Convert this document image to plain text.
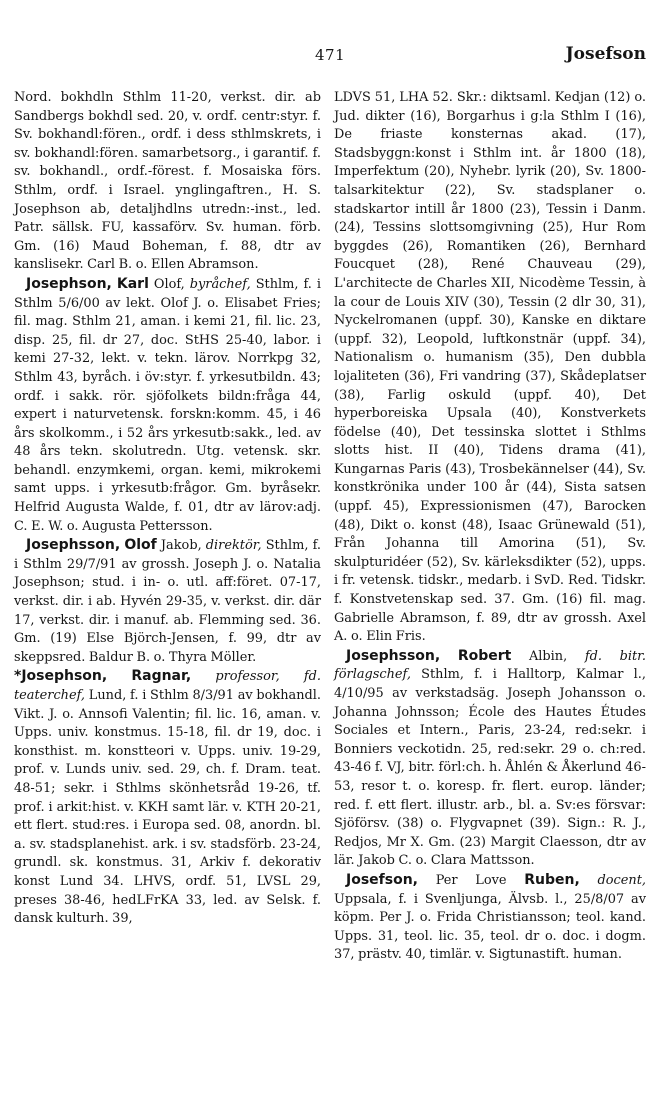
471	Josefson

Nord. bokhdln Sthlm 11-20, verkst. dir. ab Sandbergs bokhdl sed. 20, v. ordf. centr:styr. f. Sv. bokhandl:fören., ordf. i dess sthlmskrets, i sv. bokhandl:fören. samarbetsorg., i garantif. f. sv. bokhandl., ordf.-förest. f. Mosaiska förs. Sthlm, ordf. i Israel. ynglingaftren., H. S. Josephson ab, detaljhdlns utredn:-inst., led. Patr. sällsk. FU, kassaförv. Sv. human. förb. Gm. (16) Maud Boheman, f. 88, dtr av kanslisekr. Carl B. o. Ellen Abramson.

Josephson, Karl Olof, byråchef, Sthlm, f. i Sthlm 5/6/00 av lekt. Olof J. o. Elisabet Fries; fil. mag. Sthlm 21, aman. i kemi 21, fil. lic. 23, disp. 25, fil. dr 27, doc. StHS 25-40, labor. i kemi 27-32, lekt. v. tekn. lärov. Norrkpg 32, Sthlm 43, byråch. i öv:styr. f. yrkesutbildn. 43; ordf. i sakk. rör. sjöfolkets bildn:fråga 44, expert i naturvetensk. forskn:komm. 45, i 46 års skolkomm., i 52 års yrkesutb:sakk., led. av 48 års tekn. skolutredn. Utg. vetensk. skr. behandl. enzymkemi, organ. kemi, mikrokemi samt upps. i yrkesutb:frågor. Gm. byråsekr. Helfrid Augusta Walde, f. 01, dtr av lärov:adj. C. E. W. o. Augusta Pettersson.

Josephsson, Olof Jakob, direktör, Sthlm, f. i Sthlm 29/7/91 av grossh. Joseph J. o. Natalia Josephson; stud. i in- o. utl. aff:föret. 07-17, verkst. dir. i ab. Hyvén 29-35, v. verkst. dir. där 17, verkst. dir. i manuf. ab. Flemming sed. 36. Gm. (19) Else Björch-Jensen, f. 99, dtr av skeppsred. Baldur B. o. Thyra Möller.

*Josephson, Ragnar, professor, fd. teaterchef, Lund, f. i Sthlm 8/3/91 av bokhandl. Vikt. J. o. Annsofi Valentin; fil. lic. 16, aman. v. Upps. univ. konstmus. 15-18, fil. dr 19, doc. i konsthist. m. konstteori v. Upps. univ. 19-29, prof. v. Lunds univ. sed. 29, ch. f. Dram. teat. 48-51; sekr. i Sthlms skönhetsråd 19-26, tf. prof. i arkit:hist. v. KKH samt lär. v. KTH 20-21, ett flert. stud:res. i Europa sed. 08, anordn. bl. a. sv. stadsplanehist. ark. i sv. stadsförb. 23-24, grundl. sk. konstmus. 31, Arkiv f. dekorativ konst Lund 34. LHVS, ordf. 51, LVSL 29, preses 38-46, hedLFrKA 33, led. av Selsk. f. dansk kulturh. 39,

LDVS 51, LHA 52. Skr.: diktsaml. Kedjan (12) o. Jud. dikter (16), Borgarhus i g:la Sthlm I (16), De friaste konsternas akad. (17), Stadsbyggn:konst i Sthlm int. år 1800 (18), Imperfektum (20), Nyhebr. lyrik (20), Sv. 1800-talsarkitektur (22), Sv. stadsplaner o. stadskartor intill år 1800 (23), Tessin i Danm. (24), Tessins slottsomgivning (25), Hur Rom byggdes (26), Romantiken (26), Bernhard Foucquet (28), René Chauveau (29), L'architecte de Charles XII, Nicodème Tessin, à la cour de Louis XIV (30), Tessin (2 dlr 30, 31), Nyckelromanen (uppf. 30), Kanske en diktare (uppf. 32), Leopold, luftkonstnär (uppf. 34), Nationalism o. humanism (35), Den dubbla lojaliteten (36), Fri vandring (37), Skådeplatser (38), Farlig oskuld (uppf. 40), Det hyperboreiska Upsala (40), Konstverkets födelse (40), Det tessinska slottet i Sthlms slotts hist. II (40), Tidens drama (41), Kungarnas Paris (43), Trosbekännelser (44), Sv. konstkrönika under 100 år (44), Sista satsen (uppf. 45), Expressionismen (47), Barocken (48), Dikt o. konst (48), Isaac Grünewald (51), Från Johanna till Amorina (51), Sv. skulpturidéer (52), Sv. kärleksdikter (52), upps. i fr. vetensk. tidskr., medarb. i SvD. Red. Tidskr. f. Konstvetenskap sed. 37. Gm. (16) fil. mag. Gabrielle Abramson, f. 89, dtr av grossh. Axel A. o. Elin Fris.

Josephsson, Robert Albin, fd. bitr. förlagschef, Sthlm, f. i Halltorp, Kalmar l., 4/10/95 av verkstadsäg. Joseph Johansson o. Johanna Johnsson; École des Hautes Études Sociales et Intern., Paris, 23-24, red:sekr. i Bonniers veckotidn. 25, red:sekr. 29 o. ch:red. 43-46 f. VJ, bitr. förl:ch. h. Åhlén & Åkerlund 46-53, resor t. o. koresp. fr. flert. europ. länder; red. f. ett flert. illustr. arb., bl. a. Sv:es försvar: Sjöförsv. (38) o. Flygvapnet (39). Sign.: R. J., Redjos, Mr X. Gm. (23) Margit Claesson, dtr av lär. Jakob C. o. Clara Mattsson.

Josefson, Per Love Ruben, docent, Uppsala, f. i Svenljunga, Älvsb. l., 25/8/07 av köpm. Per J. o. Frida Christiansson; teol. kand. Upps. 31, teol. lic. 35, teol. dr o. doc. i dogm. 37, prästv. 40, timlär. v. Sigtunastift. human.
